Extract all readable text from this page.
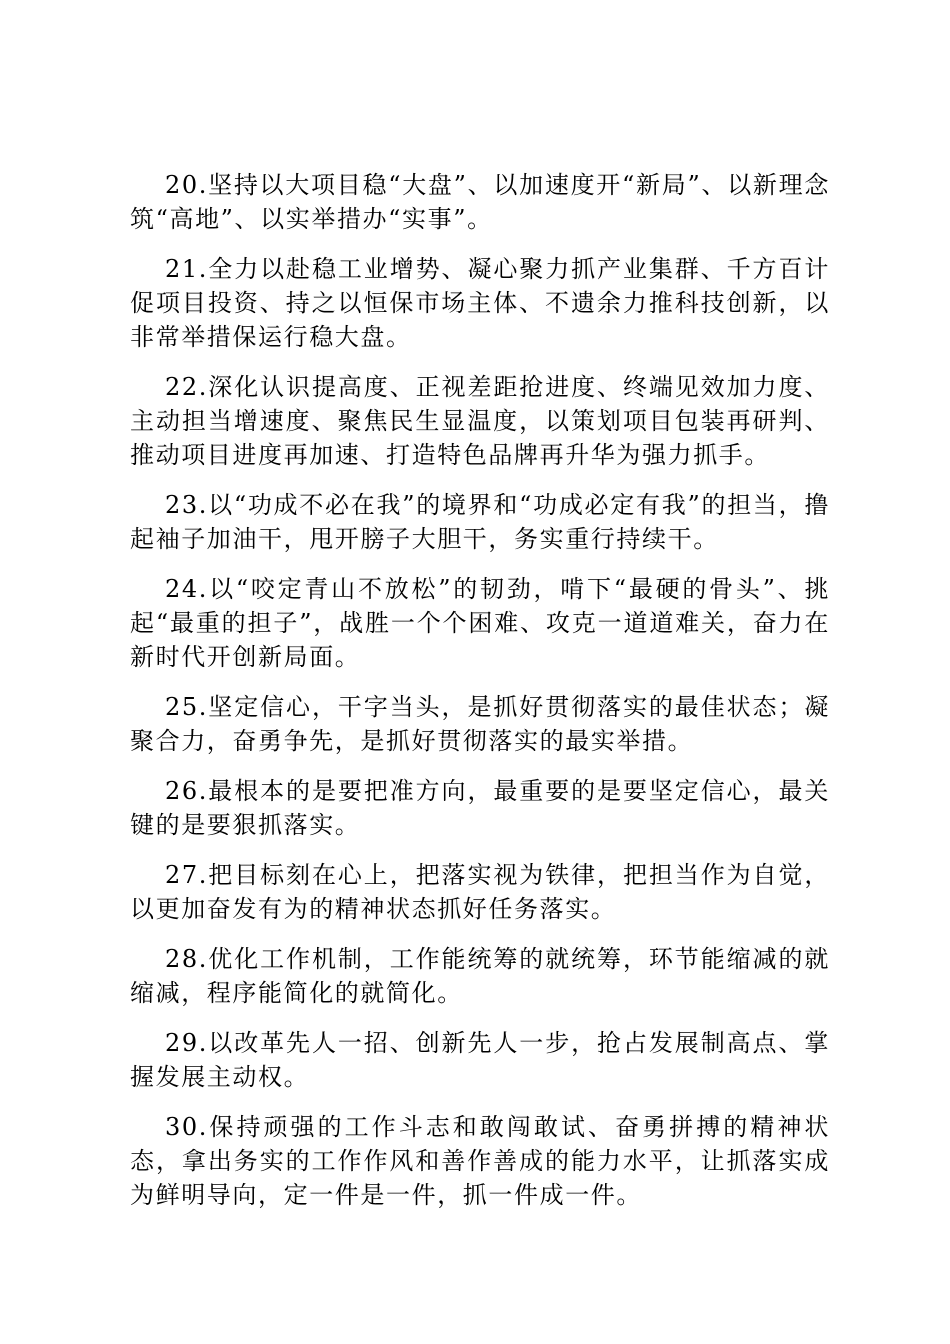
20.坚持以大项目稳“大盘”、以加速度开“新局”、以新理念筑“高地”、以实举措办“实事”。

21.全力以赴稳工业增势、凝心聚力抓产业集群、千方百计促项目投资、持之以恒保市场主体、不遗余力推科技创新，以非常举措保运行稳大盘。

22.深化认识提高度、正视差距抢进度、终端见效加力度、主动担当增速度、聚焦民生显温度，以策划项目包装再研判、推动项目进度再加速、打造特色品牌再升华为强力抓手。

23.以“功成不必在我”的境界和“功成必定有我”的担当，撸起袖子加油干，甩开膀子大胆干，务实重行持续干。

24.以“咬定青山不放松”的韧劲，啃下“最硬的骨头”、挑起“最重的担子”，战胜一个个困难、攻克一道道难关，奋力在新时代开创新局面。

25.坚定信心，干字当头，是抓好贯彻落实的最佳状态；凝聚合力，奋勇争先，是抓好贯彻落实的最实举措。

26.最根本的是要把准方向，最重要的是要坚定信心，最关键的是要狠抓落实。

27.把目标刻在心上，把落实视为铁律，把担当作为自觉，以更加奋发有为的精神状态抓好任务落实。

28.优化工作机制，工作能统筹的就统筹，环节能缩减的就缩减，程序能简化的就简化。

29.以改革先人一招、创新先人一步，抢占发展制高点、掌握发展主动权。

30.保持顽强的工作斗志和敢闯敢试、奋勇拼搏的精神状态，拿出务实的工作作风和善作善成的能力水平，让抓落实成为鲜明导向，定一件是一件，抓一件成一件。
